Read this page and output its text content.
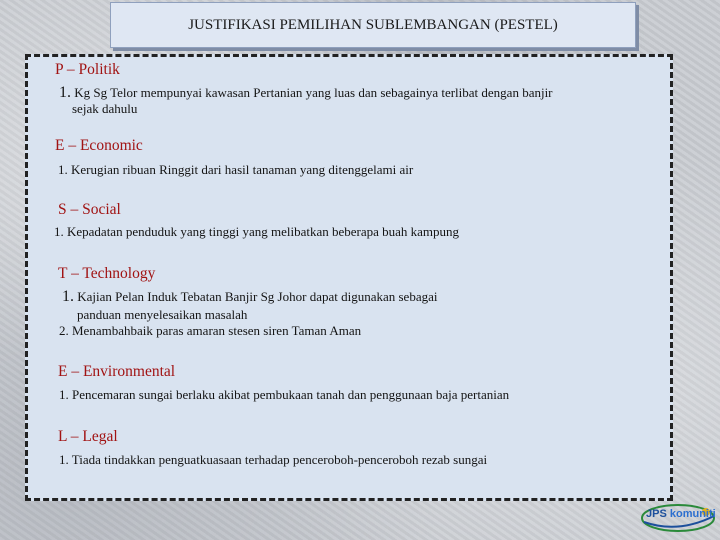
JUSTIFIKASI PEMILIHAN SUBLEMBANGAN (PESTEL)
P – Politik
1. Kg Sg Telor mempunyai kawasan Pertanian yang luas dan sebagainya terlibat dengan banjir
sejak dahulu
E – Economic
1. Kerugian ribuan Ringgit dari hasil tanaman yang ditenggelami air
S – Social
1. Kepadatan penduduk yang tinggi yang melibatkan beberapa buah kampung
T – Technology
1. Kajian Pelan Induk Tebatan Banjir Sg Johor dapat digunakan sebagai
panduan menyelesaikan masalah
2. Menambahbaik paras amaran stesen siren Taman Aman
E – Environmental
1. Pencemaran sungai berlaku akibat pembukaan tanah dan penggunaan baja pertanian
L – Legal
1. Tiada tindakkan penguatkuasaan terhadap penceroboh-penceroboh rezab sungai
JPS komuniti
